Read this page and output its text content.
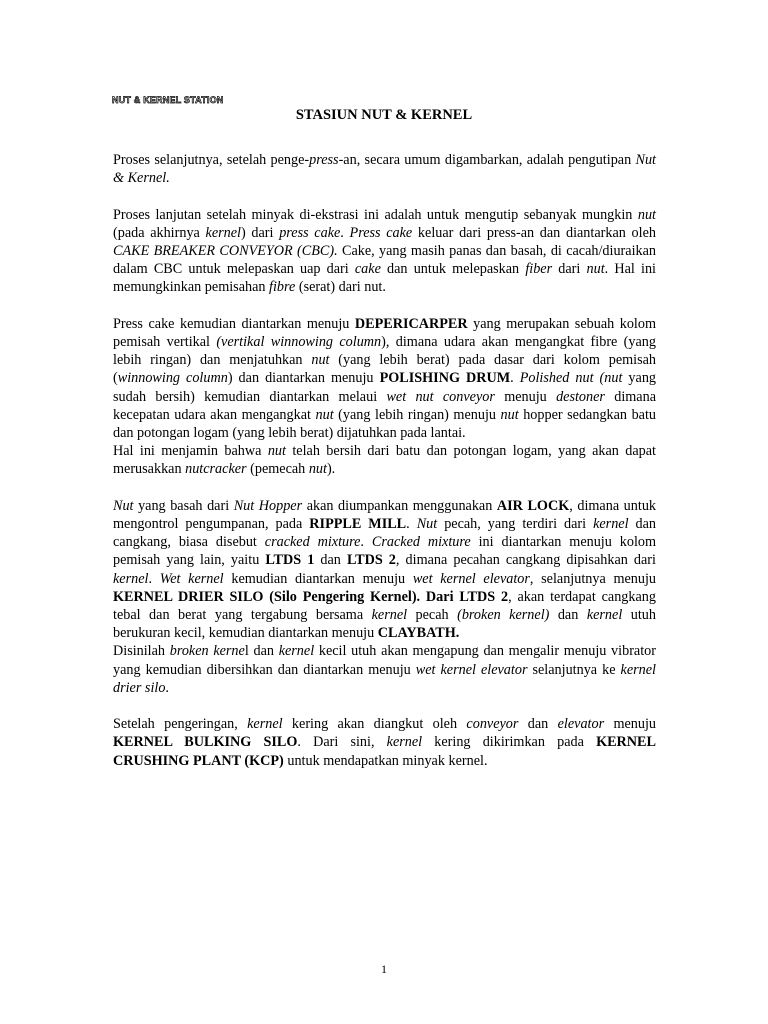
NUT & KERNEL STATION
STASIUN NUT & KERNEL

Proses selanjutnya, setelah penge-press-an, secara umum digambarkan, adalah pengutipan Nut & Kernel.

Proses lanjutan setelah minyak di-ekstrasi ini adalah untuk mengutip sebanyak mungkin nut (pada akhirnya kernel) dari press cake. Press cake keluar dari press-an dan diantarkan oleh CAKE BREAKER CONVEYOR (CBC). Cake, yang masih panas dan basah, di cacah/diuraikan dalam CBC untuk melepaskan uap dari cake dan untuk melepaskan fiber dari nut. Hal ini memungkinkan pemisahan fibre (serat) dari nut.

Press cake kemudian diantarkan menuju DEPERICARPER yang merupakan sebuah kolom pemisah vertikal (vertikal winnowing column), dimana udara akan mengangkat fibre (yang lebih ringan) dan menjatuhkan nut (yang lebih berat) pada dasar dari kolom pemisah (winnowing column) dan diantarkan menuju POLISHING DRUM. Polished nut (nut yang sudah bersih) kemudian diantarkan melaui wet nut conveyor menuju destoner dimana kecepatan udara akan mengangkat nut (yang lebih ringan) menuju nut hopper sedangkan batu dan potongan logam (yang lebih berat) dijatuhkan pada lantai.

Hal ini menjamin bahwa nut telah bersih dari batu dan potongan logam, yang akan dapat merusakkan nutcracker (pemecah nut).

Nut yang basah dari Nut Hopper akan diumpankan menggunakan AIR LOCK, dimana untuk mengontrol pengumpanan, pada RIPPLE MILL. Nut pecah, yang terdiri dari kernel dan cangkang, biasa disebut cracked mixture. Cracked mixture ini diantarkan menuju kolom pemisah yang lain, yaitu LTDS 1 dan LTDS 2, dimana pecahan cangkang dipisahkan dari kernel. Wet kernel kemudian diantarkan menuju wet kernel elevator, selanjutnya menuju KERNEL DRIER SILO (Silo Pengering Kernel). Dari LTDS 2, akan terdapat cangkang tebal dan berat yang tergabung bersama kernel pecah (broken kernel) dan kernel utuh berukuran kecil, kemudian diantarkan menuju CLAYBATH.

Disinilah broken kernel dan kernel kecil utuh akan mengapung dan mengalir menuju vibrator yang kemudian dibersihkan dan diantarkan menuju wet kernel elevator selanjutnya ke kernel drier silo.

Setelah pengeringan, kernel kering akan diangkut oleh conveyor dan elevator menuju KERNEL BULKING SILO. Dari sini, kernel kering dikirimkan pada KERNEL CRUSHING PLANT (KCP) untuk mendapatkan minyak kernel.

1
